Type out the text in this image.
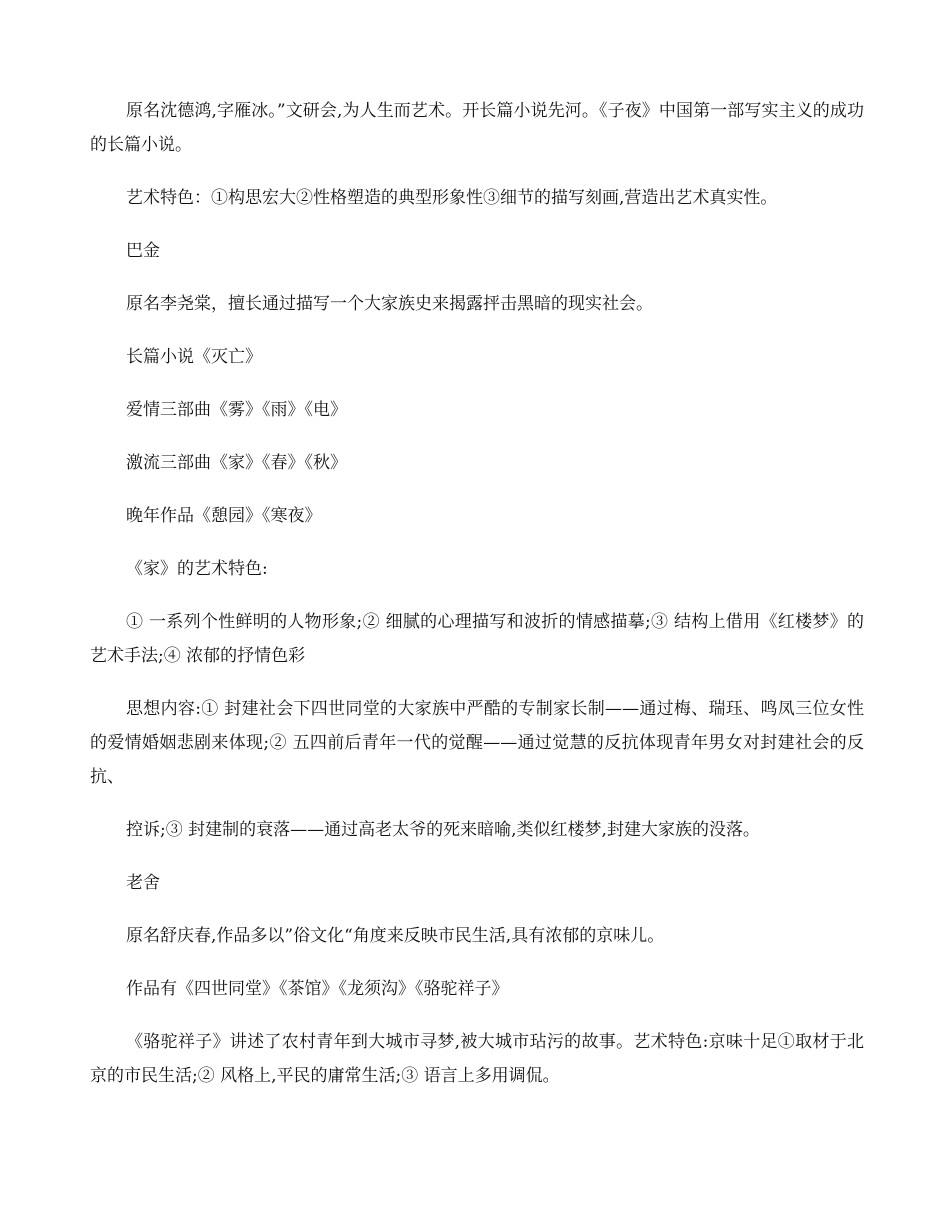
原名沈德鸿,字雁冰。”文研会,为人生而艺术。开长篇小说先河。《子夜》中国第一部写实主义的成功的长篇小说。

艺术特色：①构思宏大②性格塑造的典型形象性③细节的描写刻画,营造出艺术真实性。

巴金

原名李尧棠，擅长通过描写一个大家族史来揭露抨击黑暗的现实社会。

长篇小说《灭亡》

爱情三部曲《雾》《雨》《电》

激流三部曲《家》《春》《秋》

晚年作品《憩园》《寒夜》

《家》的艺术特色:

① 一系列个性鲜明的人物形象;② 细腻的心理描写和波折的情感描摹;③ 结构上借用《红楼梦》的艺术手法;④ 浓郁的抒情色彩

思想内容:① 封建社会下四世同堂的大家族中严酷的专制家长制——通过梅、瑞珏、鸣凤三位女性的爱情婚姻悲剧来体现;② 五四前后青年一代的觉醒——通过觉慧的反抗体现青年男女对封建社会的反抗、

控诉;③ 封建制的衰落——通过高老太爷的死来暗喻,类似红楼梦,封建大家族的没落。

老舍

原名舒庆春,作品多以”俗文化“角度来反映市民生活,具有浓郁的京味儿。

作品有《四世同堂》《茶馆》《龙须沟》《骆驼祥子》

《骆驼祥子》讲述了农村青年到大城市寻梦,被大城市玷污的故事。艺术特色:京味十足①取材于北京的市民生活;② 风格上,平民的庸常生活;③ 语言上多用调侃。
